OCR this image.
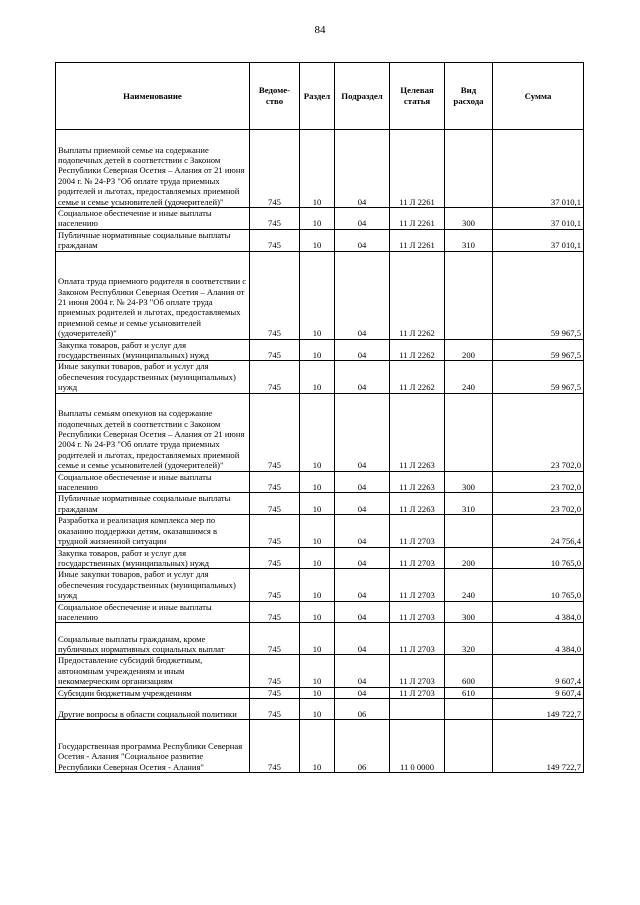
84
Наименование	Ведоме-ство	Раздел	Подраздел	Целевая статья	Вид расхода	Сумма
Выплаты приемной семье на содержание подопечных детей в соответствии с Законом Республики Северная Осетия – Алания от 21 июня 2004 г. № 24-РЗ "Об оплате труда приемных родителей и льготах, предоставляемых приемной семье и семье усыновителей (удочерителей)"	745	10	04	11 Л 2261		37 010,1
Социальное обеспечение и иные выплаты населению	745	10	04	11 Л 2261	300	37 010,1
Публичные нормативные социальные выплаты гражданам	745	10	04	11 Л 2261	310	37 010,1
Оплата труда приемного родителя в соответствии с Законом Республики Северная Осетия – Алания от 21 июня 2004 г. № 24-РЗ "Об оплате труда приемных родителей и льготах, предоставляемых приемной семье и семье усыновителей (удочерителей)"	745	10	04	11 Л 2262		59 967,5
Закупка товаров, работ и услуг для государственных (муниципальных) нужд	745	10	04	11 Л 2262	200	59 967,5
Иные закупки товаров, работ и услуг для обеспечения государственных (муниципальных) нужд	745	10	04	11 Л 2262	240	59 967,5
Выплаты семьям опекунов на содержание подопечных детей в соответствии с Законом Республики Северная Осетия – Алания от 21 июня 2004 г. № 24-РЗ "Об оплате труда приемных родителей и льготах, предоставляемых приемной семье и семье усыновителей (удочерителей)"	745	10	04	11 Л 2263		23 702,0
Социальное обеспечение и иные выплаты населению	745	10	04	11 Л 2263	300	23 702,0
Публичные нормативные социальные выплаты гражданам	745	10	04	11 Л 2263	310	23 702,0
Разработка и реализация комплекса мер по оказанию поддержки детям, оказавшимся в трудной жизненной ситуации	745	10	04	11 Л 2703		24 756,4
Закупка товаров, работ и услуг для государственных (муниципальных) нужд	745	10	04	11 Л 2703	200	10 765,0
Иные закупки товаров, работ и услуг для обеспечения государственных (муниципальных) нужд	745	10	04	11 Л 2703	240	10 765,0
Социальное обеспечение и иные выплаты населению	745	10	04	11 Л 2703	300	4 384,0
Социальные выплаты гражданам, кроме публичных нормативных социальных выплат	745	10	04	11 Л 2703	320	4 384,0
Предоставление субсидий бюджетным, автономным учреждениям и иным некоммерческим организациям	745	10	04	11 Л 2703	600	9 607,4
Субсидии бюджетным учреждениям	745	10	04	11 Л 2703	610	9 607,4
Другие вопросы в области социальной политики	745	10	06			149 722,7
Государственная программа Республики Северная Осетия - Алания "Социальное развитие Республики Северная Осетия - Алания"	745	10	06	11 0 0000		149 722,7
